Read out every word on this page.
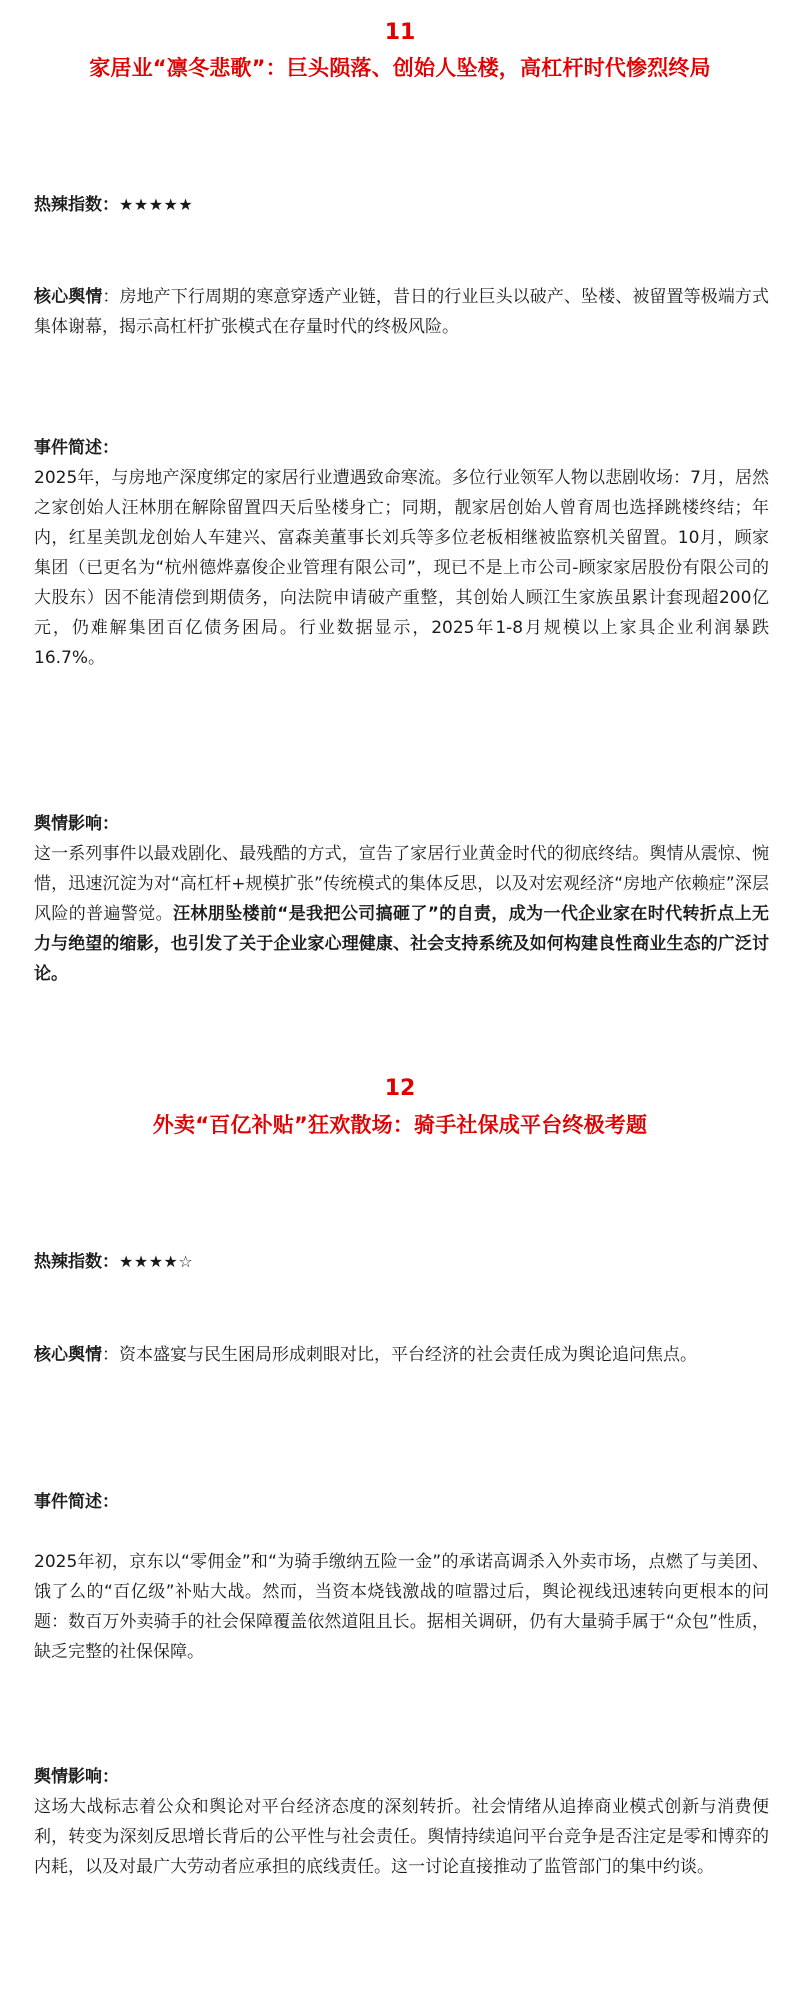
11
家居业“凛冬悲歌”：巨头陨落、创始人坠楼，高杠杆时代惨烈终局
热辣指数：★★★★★
核心舆情：房地产下行周期的寒意穿透产业链，昔日的行业巨头以破产、坠楼、被留置等极端方式集体谢幕，揭示高杠杆扩张模式在存量时代的终极风险。
事件简述：
2025年，与房地产深度绑定的家居行业遭遇致命寒流。多位行业领军人物以悲剧收场：7月，居然之家创始人汪林朋在解除留置四天后坠楼身亡；同期，靓家居创始人曾育周也选择跳楼终结；年内，红星美凯龙创始人车建兴、富森美董事长刘兵等多位老板相继被监察机关留置。10月，顾家集团（已更名为“杭州德烨嘉俊企业管理有限公司”，现已不是上市公司-顾家家居股份有限公司的大股东）因不能清偿到期债务，向法院申请破产重整，其创始人顾江生家族虽累计套现超200亿元，仍难解集团百亿债务困局。行业数据显示，2025年1-8月规模以上家具企业利润暴跌16.7%。
舆情影响：
这一系列事件以最戏剧化、最残酷的方式，宣告了家居行业黄金时代的彻底终结。舆情从震惊、惋惜，迅速沉淀为对“高杠杆+规模扩张”传统模式的集体反思，以及对宏观经济“房地产依赖症”深层风险的普遍警觉。汪林朋坠楼前“是我把公司搞砸了”的自责，成为一代企业家在时代转折点上无力与绝望的缩影，也引发了关于企业家心理健康、社会支持系统及如何构建良性商业生态的广泛讨论。
12
外卖“百亿补贴”狂欢散场：骑手社保成平台终极考题
热辣指数：★★★★☆
核心舆情：资本盛宴与民生困局形成刺眼对比，平台经济的社会责任成为舆论追问焦点。
事件简述：
2025年初，京东以“零佣金”和“为骑手缴纳五险一金”的承诺高调杀入外卖市场，点燃了与美团、饿了么的“百亿级”补贴大战。然而，当资本烧钱激战的喧嚣过后，舆论视线迅速转向更根本的问题：数百万外卖骑手的社会保障覆盖依然道阻且长。据相关调研，仍有大量骑手属于“众包”性质，缺乏完整的社保保障。
舆情影响：
这场大战标志着公众和舆论对平台经济态度的深刻转折。社会情绪从追捧商业模式创新与消费便利，转变为深刻反思增长背后的公平性与社会责任。舆情持续追问平台竞争是否注定是零和博弈的内耗，以及对最广大劳动者应承担的底线责任。这一讨论直接推动了监管部门的集中约谈。
